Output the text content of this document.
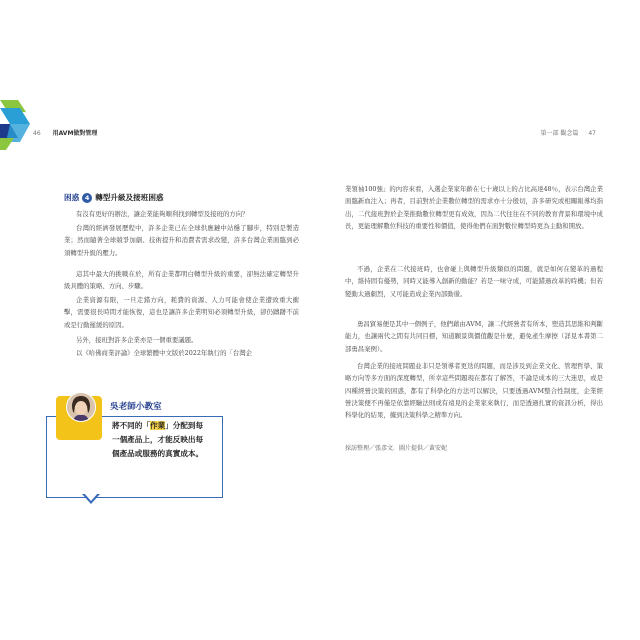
46 用AVM做對管理	第一部 觀念篇 47
困惑 4 轉型升級及接班困惑

有沒有更好的辦法，讓企業能夠順利找到轉型及接班的方向？

台灣的經濟發展歷程中，許多企業已在全球供應鏈中站穩了腳步，特別是製造業；然而隨著全球競爭加劇、技術提升和消費者需求改變，許多台灣企業面臨到必須轉型升級的壓力。

這其中最大的挑戰在於，所有企業都明白轉型升級的重要，卻無法確定轉型升級具體的策略、方向、步驟。

企業資源有限，一旦走錯方向，耗費的資源、人力可能會使企業遭致重大衝擊，需要很長時間才能恢復，這也是讓許多企業明知必須轉型升級，卻仍躊躇不前或是行動遲緩的原因。

另外，接班對許多企業亦是一個重要議題。

以《哈佛商業評論》全球繁體中文版於2022年執行的「台灣企

吳老師小教室
將不同的「作業」分配到每
一個產品上，才能反映出每
個產品或服務的真實成本。

業領袖100強」的內容來看，入選企業家年齡在七十歲以上的占比高達48％，表示台灣企業面臨新血注入；再者，目前對於企業數位轉型的需求亦十分殷切，許多研究或相關報導均指出，二代接班對於企業推動數位轉型更有成效，因為二代往往在不同的教育背景和環境中成長，更能理解數位科技的重要性和價值，使得他們在面對數位轉型時更為主動和開放。

不過，企業在二代接班時，也會碰上與轉型升級類似的問題，就是如何在變革的過程中，維持固有優勢，同時又能導入創新的動能？若是一味守成，可能錯過改革的時機；但若變動太過劇烈，又可能造成企業內部動盪。

勇昌貿易便是其中一個例子，他們藉由AVM，讓二代經營者有所本，塑造其思維和判斷能力，也讓兩代之間有共同目標，知道願景與價值觀是什麼，避免產生摩擦（詳見本書第二部勇昌案例）。

台灣企業的接班問題並非只是領導者更迭的問題，而是涉及到企業文化、管理哲學、策略方向等多方面的深度轉型，所幸這些問題現在都有了解答，不論是成本的三大迷思，或是四種經營決策的困惑，都有了科學化的方法可以解決，只要透過AVM整合性制度，企業經營決策便不再僅是依靠經驗法則或有遠見的企業家來執行，而是透過扎實的資訊分析，得出科學化的結果，據到決策科學之精準方向。

採訪整理／張彥文．圖片提供／黃安妮
